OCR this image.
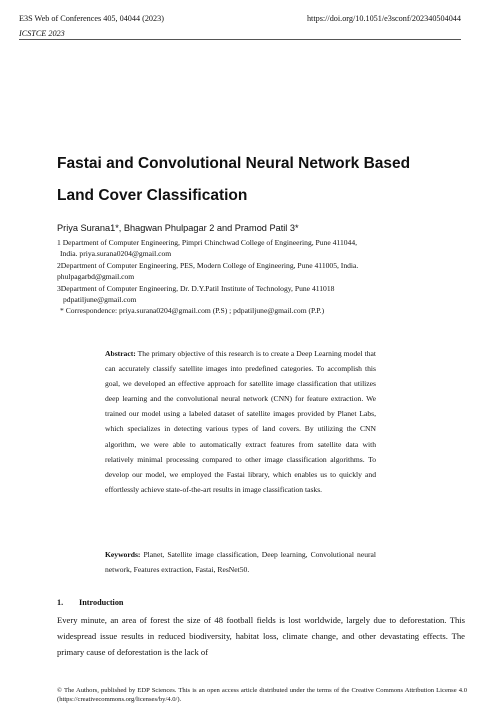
E3S Web of Conferences 405, 04044 (2023)
ICSTCE 2023
https://doi.org/10.1051/e3sconf/202340504044
Fastai and Convolutional Neural Network Based
Land Cover Classification
Priya Surana1*, Bhagwan Phulpagar 2 and Pramod Patil 3*
1 Department of Computer Engineering, Pimpri Chinchwad College of Engineering, Pune 411044,
India. priya.surana0204@gmail.com
2Department of Computer Engineering, PES, Modern College of Engineering, Pune 411005, India.
phulpagarbd@gmail.com
3Department of Computer Engineering, Dr. D.Y.Patil Institute of Technology, Pune 411018
pdpatiljune@gmail.com
* Correspondence: priya.surana0204@gmail.com (P.S) ; pdpatiljune@gmail.com (P.P.)
Abstract: The primary objective of this research is to create a Deep Learning model that can accurately classify satellite images into predefined categories. To accomplish this goal, we developed an effective approach for satellite image classification that utilizes deep learning and the convolutional neural network (CNN) for feature extraction. We trained our model using a labeled dataset of satellite images provided by Planet Labs, which specializes in detecting various types of land covers. By utilizing the CNN algorithm, we were able to automatically extract features from satellite data with relatively minimal processing compared to other image classification algorithms. To develop our model, we employed the Fastai library, which enables us to quickly and effortlessly achieve state-of-the-art results in image classification tasks.
Keywords: Planet, Satellite image classification, Deep learning, Convolutional neural network, Features extraction, Fastai, ResNet50.
1. Introduction
Every minute, an area of forest the size of 48 football fields is lost worldwide, largely due to deforestation. This widespread issue results in reduced biodiversity, habitat loss, climate change, and other devastating effects. The primary cause of deforestation is the lack of
© The Authors, published by EDP Sciences. This is an open access article distributed under the terms of the Creative Commons Attribution License 4.0 (https://creativecommons.org/licenses/by/4.0/).
